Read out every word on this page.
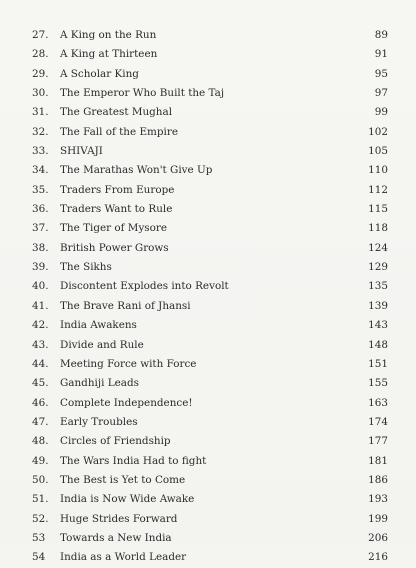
27.	A King on the Run	89
28.	A King at Thirteen	91
29.	A Scholar King	95
30.	The Emperor Who Built the Taj	97
31.	The Greatest Mughal	99
32.	The Fall of the Empire	102
33.	SHIVAJI	105
34.	The Marathas Won't Give Up	110
35.	Traders From Europe	112
36.	Traders Want to Rule	115
37.	The Tiger of Mysore	118
38.	British Power Grows	124
39.	The Sikhs	129
40.	Discontent Explodes into Revolt	135
41.	The Brave Rani of Jhansi	139
42.	India Awakens	143
43.	Divide and Rule	148
44.	Meeting Force with Force	151
45.	Gandhiji Leads	155
46.	Complete Independence!	163
47.	Early Troubles	174
48.	Circles of Friendship	177
49.	The Wars India Had to fight	181
50.	The Best is Yet to Come	186
51.	India is Now Wide Awake	193
52.	Huge Strides Forward	199
53	Towards a New India	206
54	India as a World Leader	216
